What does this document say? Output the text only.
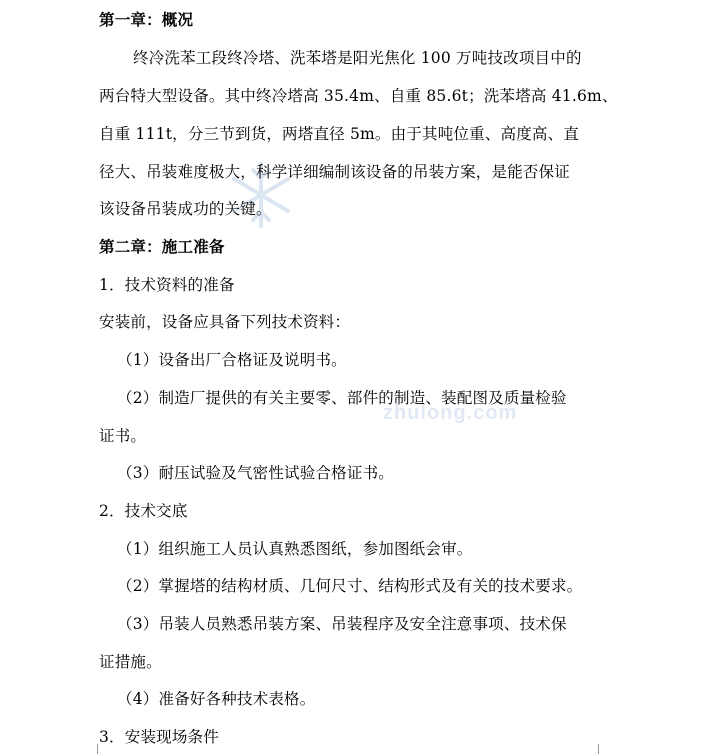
zhulong.com
第一章：概况
终冷洗苯工段终冷塔、洗苯塔是阳光焦化 100 万吨技改项目中的
两台特大型设备。其中终冷塔高 35.4m、自重 85.6t；洗苯塔高 41.6m、
自重 111t，分三节到货，两塔直径 5m。由于其吨位重、高度高、直
径大、吊装难度极大，科学详细编制该设备的吊装方案，是能否保证
该设备吊装成功的关键。
第二章：施工准备
1．技术资料的准备
安装前，设备应具备下列技术资料：
（1）设备出厂合格证及说明书。
（2）制造厂提供的有关主要零、部件的制造、装配图及质量检验
证书。
（3）耐压试验及气密性试验合格证书。
2．技术交底
（1）组织施工人员认真熟悉图纸，参加图纸会审。
（2）掌握塔的结构材质、几何尺寸、结构形式及有关的技术要求。
（3）吊装人员熟悉吊装方案、吊装程序及安全注意事项、技术保
证措施。
（4）准备好各种技术表格。
3．安装现场条件
